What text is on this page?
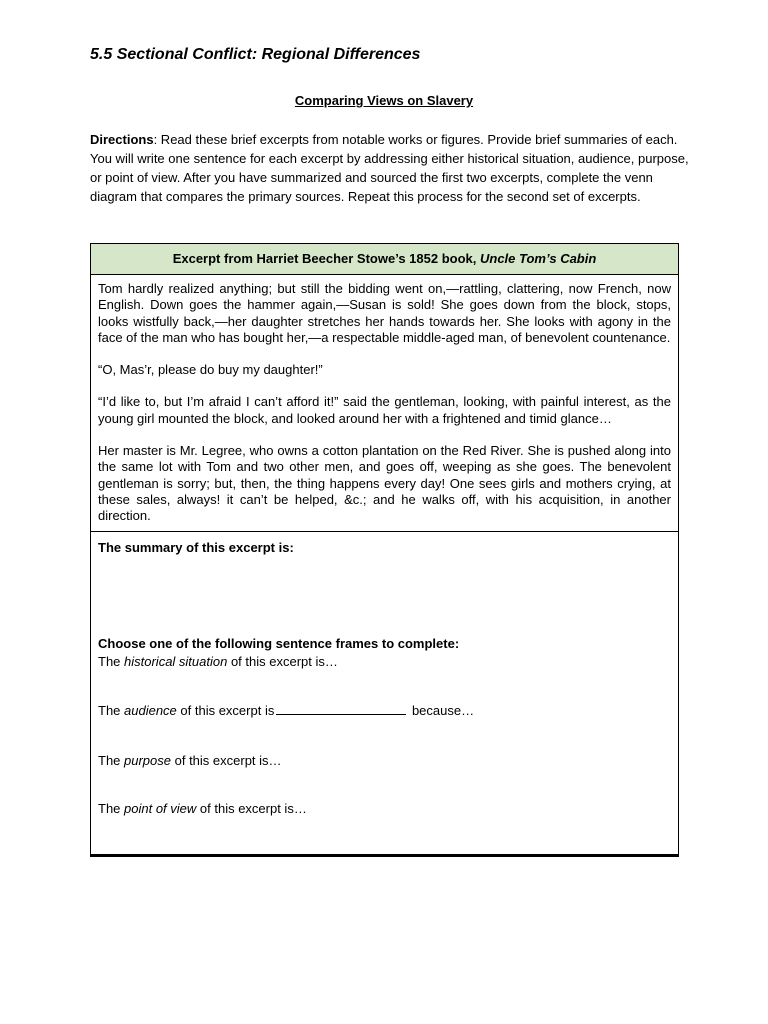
5.5 Sectional Conflict: Regional Differences
Comparing Views on Slavery

Directions: Read these brief excerpts from notable works or figures. Provide brief summaries of each. You will write one sentence for each excerpt by addressing either historical situation, audience, purpose, or point of view. After you have summarized and sourced the first two excerpts, complete the venn diagram that compares the primary sources. Repeat this process for the second set of excerpts.

Excerpt from Harriet Beecher Stowe’s 1852 book, Uncle Tom’s Cabin

Tom hardly realized anything; but still the bidding went on,—rattling, clattering, now French, now English. Down goes the hammer again,—Susan is sold! She goes down from the block, stops, looks wistfully back,—her daughter stretches her hands towards her. She looks with agony in the face of the man who has bought her,—a respectable middle-aged man, of benevolent countenance.

“O, Mas’r, please do buy my daughter!”

“I’d like to, but I’m afraid I can’t afford it!” said the gentleman, looking, with painful interest, as the young girl mounted the block, and looked around her with a frightened and timid glance…

Her master is Mr. Legree, who owns a cotton plantation on the Red River. She is pushed along into the same lot with Tom and two other men, and goes off, weeping as she goes. The benevolent gentleman is sorry; but, then, the thing happens every day! One sees girls and mothers crying, at these sales, always! it can’t be helped, &c.; and he walks off, with his acquisition, in another direction.

The summary of this excerpt is:
Choose one of the following sentence frames to complete:
The historical situation of this excerpt is…
The audience of this excerpt is	because…
The purpose of this excerpt is…
The point of view of this excerpt is…
